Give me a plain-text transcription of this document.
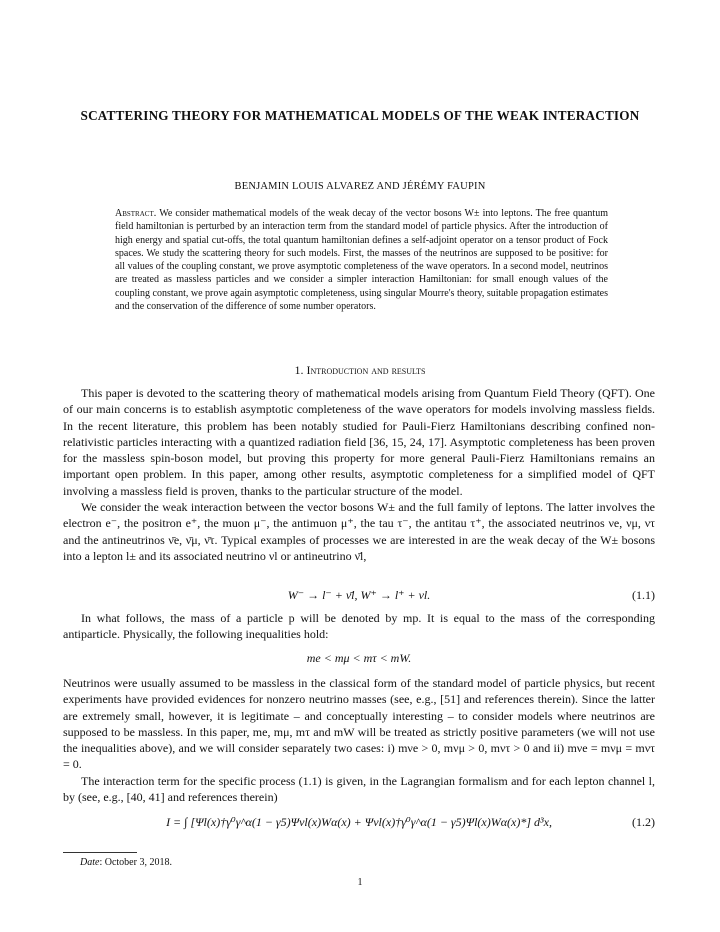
SCATTERING THEORY FOR MATHEMATICAL MODELS OF THE WEAK INTERACTION
BENJAMIN LOUIS ALVAREZ AND JÉRÉMY FAUPIN
Abstract. We consider mathematical models of the weak decay of the vector bosons W± into leptons. The free quantum field hamiltonian is perturbed by an interaction term from the standard model of particle physics. After the introduction of high energy and spatial cut-offs, the total quantum hamiltonian defines a self-adjoint operator on a tensor product of Fock spaces. We study the scattering theory for such models. First, the masses of the neutrinos are supposed to be positive: for all values of the coupling constant, we prove asymptotic completeness of the wave operators. In a second model, neutrinos are treated as massless particles and we consider a simpler interaction Hamiltonian: for small enough values of the coupling constant, we prove again asymptotic completeness, using singular Mourre's theory, suitable propagation estimates and the conservation of the difference of some number operators.
1. Introduction and results

This paper is devoted to the scattering theory of mathematical models arising from Quantum Field Theory (QFT). One of our main concerns is to establish asymptotic completeness of the wave operators for models involving massless fields. In the recent literature, this problem has been notably studied for Pauli-Fierz Hamiltonians describing confined non-relativistic particles interacting with a quantized radiation field [36, 15, 24, 17]. Asymptotic completeness has been proven for the massless spin-boson model, but proving this property for more general Pauli-Fierz Hamiltonians remains an important open problem. In this paper, among other results, asymptotic completeness for a simplified model of QFT involving a massless field is proven, thanks to the particular structure of the model.

We consider the weak interaction between the vector bosons W± and the full family of leptons. The latter involves the electron e⁻, the positron e⁺, the muon μ⁻, the antimuon μ⁺, the tau τ⁻, the antitau τ⁺, the associated neutrinos νe, νμ, ντ and the antineutrinos ν̄e, ν̄μ, ν̄τ. Typical examples of processes we are interested in are the weak decay of the W± bosons into a lepton l± and its associated neutrino νl or antineutrino ν̄l,

W⁻ → l⁻ + ν̄l, W⁺ → l⁺ + νl.	(1.1)

In what follows, the mass of a particle p will be denoted by mp. It is equal to the mass of the corresponding antiparticle. Physically, the following inequalities hold:

me < mμ < mτ < mW.

Neutrinos were usually assumed to be massless in the classical form of the standard model of particle physics, but recent experiments have provided evidences for nonzero neutrino masses (see, e.g., [51] and references therein). Since the latter are extremely small, however, it is legitimate – and conceptually interesting – to consider models where neutrinos are supposed to be massless. In this paper, me, mμ, mτ and mW will be treated as strictly positive parameters (we will not use the inequalities above), and we will consider separately two cases: i) mνe > 0, mνμ > 0, mντ > 0 and ii) mνe = mνμ = mντ = 0.

The interaction term for the specific process (1.1) is given, in the Lagrangian formalism and for each lepton channel l, by (see, e.g., [40, 41] and references therein)

I = ∫ [Ψl(x)†γ⁰γ^α(1 − γ5)Ψνl(x)Wα(x) + Ψνl(x)†γ⁰γ^α(1 − γ5)Ψl(x)Wα(x)*] d³x,	(1.2)
Date: October 3, 2018.
1
